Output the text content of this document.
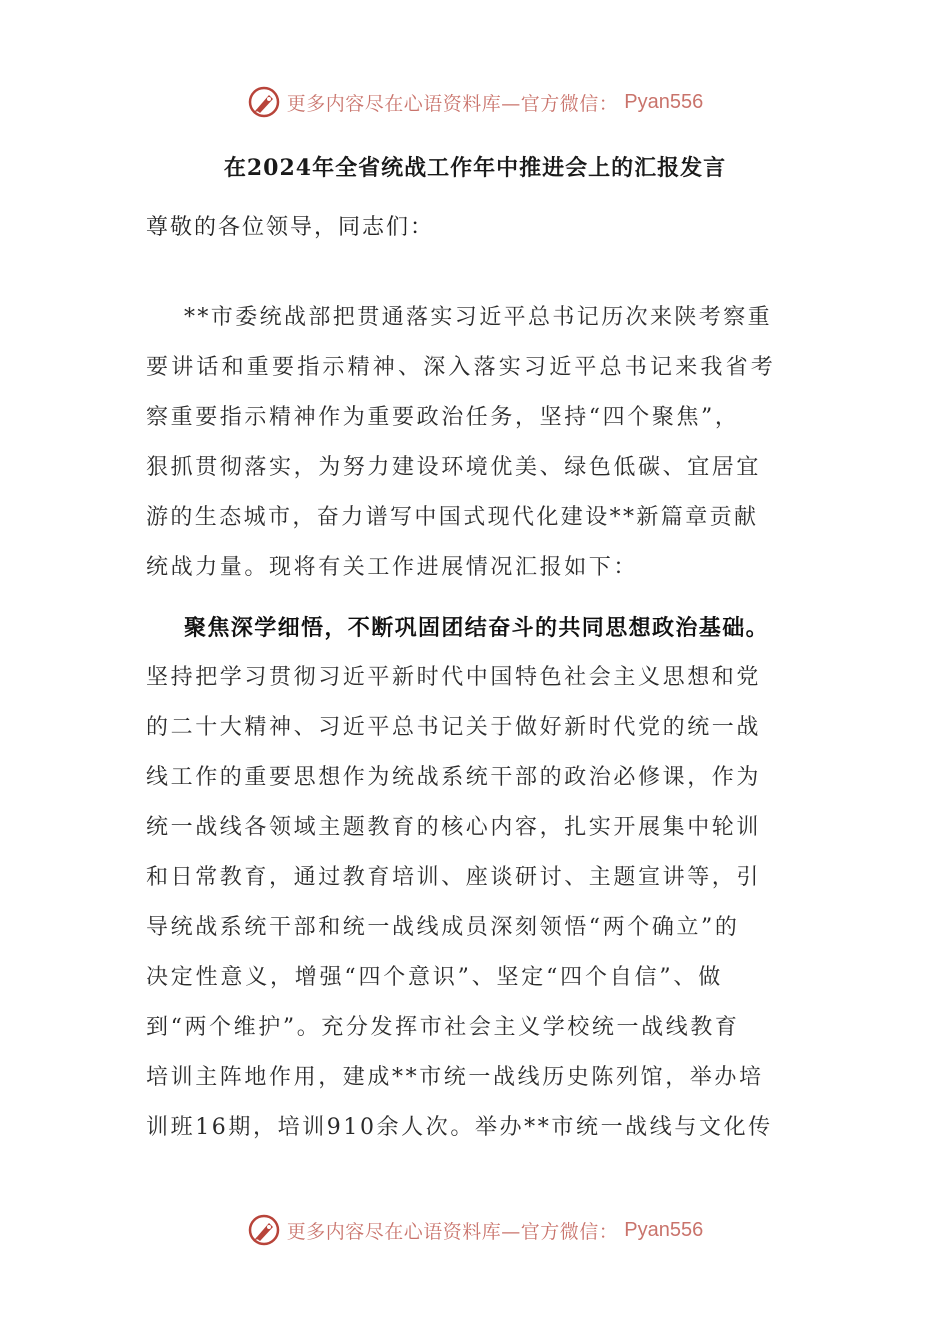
更多内容尽在心语资料库—官方微信： Pyan556
在2024年全省统战工作年中推进会上的汇报发言
尊敬的各位领导，同志们：
**市委统战部把贯通落实习近平总书记历次来陕考察重
要讲话和重要指示精神、深入落实习近平总书记来我省考
察重要指示精神作为重要政治任务，坚持“四个聚焦”，
狠抓贯彻落实，为努力建设环境优美、绿色低碳、宜居宜
游的生态城市，奋力谱写中国式现代化建设**新篇章贡献
统战力量。现将有关工作进展情况汇报如下：
聚焦深学细悟，不断巩固团结奋斗的共同思想政治基础。
坚持把学习贯彻习近平新时代中国特色社会主义思想和党
的二十大精神、习近平总书记关于做好新时代党的统一战
线工作的重要思想作为统战系统干部的政治必修课，作为
统一战线各领域主题教育的核心内容，扎实开展集中轮训
和日常教育，通过教育培训、座谈研讨、主题宣讲等，引
导统战系统干部和统一战线成员深刻领悟“两个确立”的
决定性意义，增强“四个意识”、坚定“四个自信”、做
到“两个维护”。充分发挥市社会主义学校统一战线教育
培训主阵地作用，建成**市统一战线历史陈列馆，举办培
训班16期，培训910余人次。举办**市统一战线与文化传
更多内容尽在心语资料库—官方微信： Pyan556
